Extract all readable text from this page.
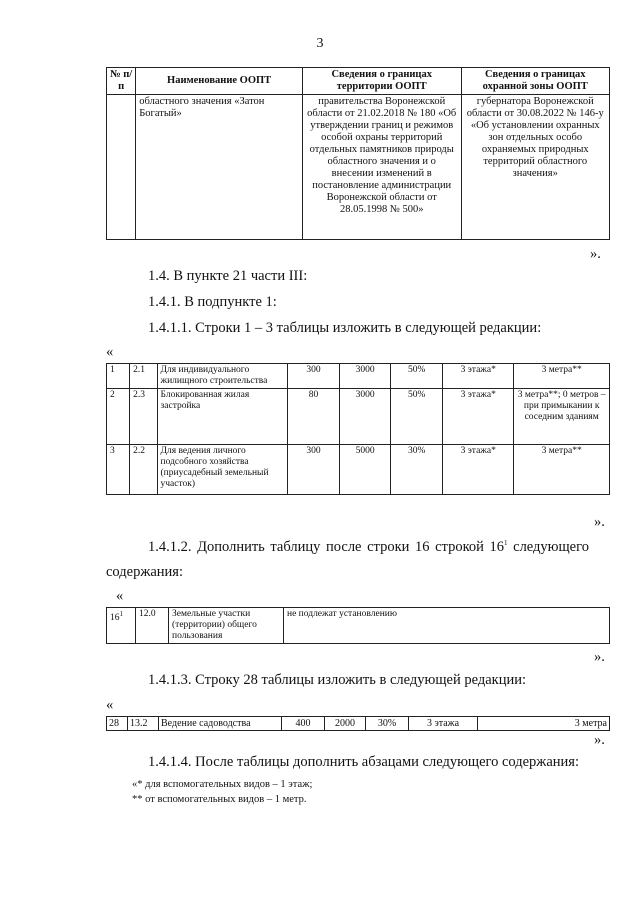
3
№ п/п	Наименование ООПТ	Сведения о границах территории ООПТ	Сведения о границах охранной зоны ООПТ
	областного значения «Затон Богатый»	правительства Воронежской области от 21.02.2018 № 180 «Об утверждении границ и режимов особой охраны территорий отдельных памятников природы областного значения и о внесении изменений в постановление администрации Воронежской области от 28.05.1998 № 500»	губернатора Воронежской области от 30.08.2022 № 146-у «Об установлении охранных зон отдельных особо охраняемых природных территорий областного значения»
».
1.4. В пункте 21 части III:
1.4.1. В подпункте 1:
1.4.1.1. Строки 1 – 3 таблицы изложить в следующей редакции:
«
1	2.1	Для индивидуального жилищного строительства	300	3000	50%	3 этажа*	3 метра**
2	2.3	Блокированная жилая застройка	80	3000	50%	3 этажа*	3 метра**; 0 метров – при примыкании к соседним зданиям
3	2.2	Для ведения личного подсобного хозяйства (приусадебный земельный участок)	300	5000	30%	3 этажа*	3 метра**
».
1.4.1.2. Дополнить таблицу после строки 16 строкой $16^1$ следующего
содержания:
«
$16^1$	12.0	Земельные участки (территории) общего пользования	не подлежат установлению
».
1.4.1.3. Строку 28 таблицы изложить в следующей редакции:
«
28	13.2	Ведение садоводства	400	2000	30%	3 этажа	3 метра
».
1.4.1.4. После таблицы дополнить абзацами следующего содержания:
«* для вспомогательных видов – 1 этаж;
** от вспомогательных видов – 1 метр.
